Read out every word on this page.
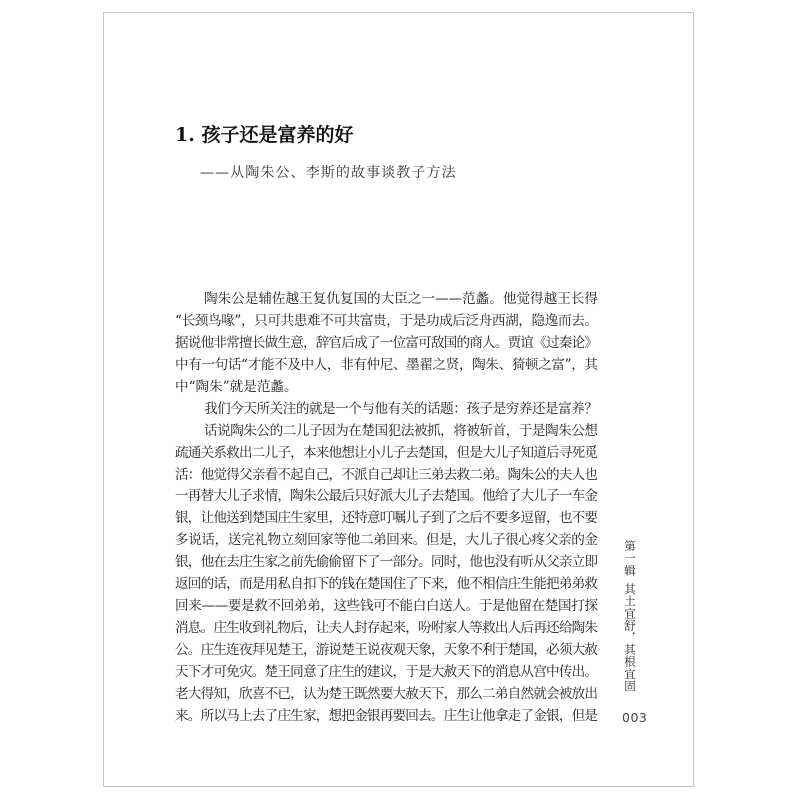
1. 孩子还是富养的好
——从陶朱公、李斯的故事谈教子方法
陶朱公是辅佐越王复仇复国的大臣之一——范蠡。他觉得越王长得
“长颈鸟喙”，只可共患难不可共富贵，于是功成后泛舟西湖，隐逸而去。
据说他非常擅长做生意，辞官后成了一位富可敌国的商人。贾谊《过秦论》
中有一句话“才能不及中人，非有仲尼、墨翟之贤，陶朱、猗顿之富”，其
中“陶朱”就是范蠡。
我们今天所关注的就是一个与他有关的话题：孩子是穷养还是富养？
话说陶朱公的二儿子因为在楚国犯法被抓，将被斩首，于是陶朱公想
疏通关系救出二儿子，本来他想让小儿子去楚国，但是大儿子知道后寻死觅
活：他觉得父亲看不起自己，不派自己却让三弟去救二弟。陶朱公的夫人也
一再替大儿子求情，陶朱公最后只好派大儿子去楚国。他给了大儿子一车金
银，让他送到楚国庄生家里，还特意叮嘱儿子到了之后不要多逗留，也不要
多说话，送完礼物立刻回家等他二弟回来。但是，大儿子很心疼父亲的金
银，他在去庄生家之前先偷偷留下了一部分。同时，他也没有听从父亲立即
返回的话，而是用私自扣下的钱在楚国住了下来，他不相信庄生能把弟弟救
回来——要是救不回弟弟，这些钱可不能白白送人。于是他留在楚国打探
消息。庄生收到礼物后，让夫人封存起来，吩咐家人等救出人后再还给陶朱
公。庄生连夜拜见楚王，游说楚王说夜观天象，天象不利于楚国，必须大赦
天下才可免灾。楚王同意了庄生的建议，于是大赦天下的消息从宫中传出。
老大得知，欣喜不已，认为楚王既然要大赦天下，那么二弟自然就会被放出
来。所以马上去了庄生家，想把金银再要回去。庄生让他拿走了金银，但是
第一辑
其土宜舒，其根宜固
003
